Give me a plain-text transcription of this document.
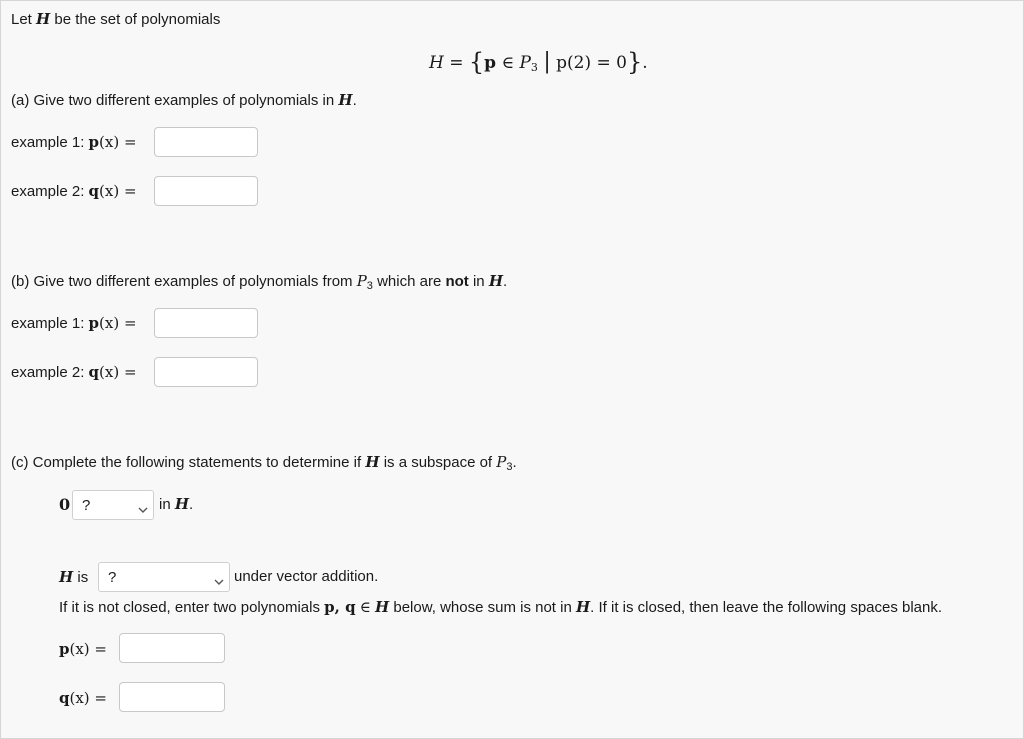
Let H be the set of polynomials
H = {p ∈ P3 | p(2) = 0}.
(a) Give two different examples of polynomials in H.
example 1: p(x) =
example 2: q(x) =
(b) Give two different examples of polynomials from $P_3$ which are not in H.
example 1: p(x) =
example 2: q(x) =
(c) Complete the following statements to determine if H is a subspace of $P_3$.
0 ?	in H.
H is ?	under vector addition.
If it is not closed, enter two polynomials p, q ∈ H below, whose sum is not in H. If it is closed, then leave the following spaces blank.
p(x) =
q(x) =
